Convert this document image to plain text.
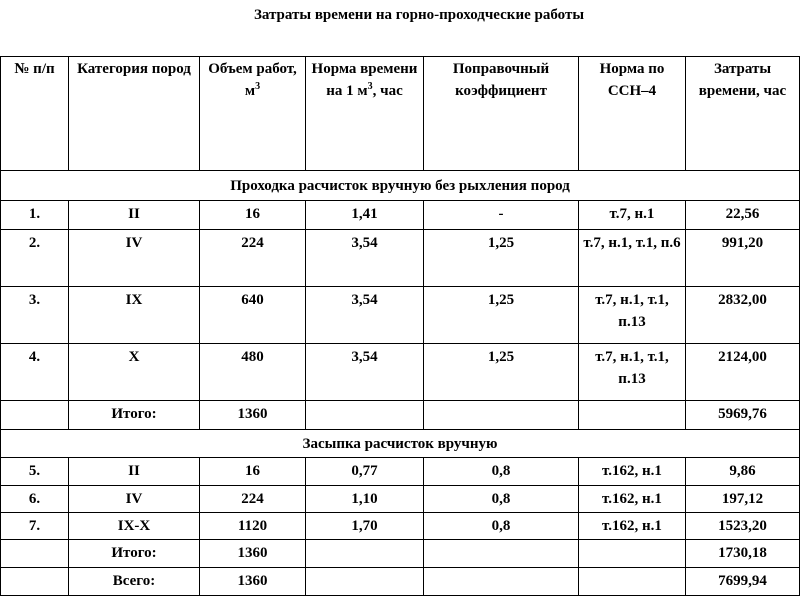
Затраты времени на горно-проходческие работы
№ п/п	Категория пород	Объем работ, $м^3$	Норма времени на 1 $м^3$, час	Поправочный коэффициент	Норма по ССН–4	Затраты времени, час
Проходка расчисток вручную без рыхления пород						
1.	II	16	1,41	-	т.7, н.1	22,56
2.	IV	224	3,54	1,25	т.7, н.1, т.1, п.6	991,20
3.	IX	640	3,54	1,25	т.7, н.1, т.1, п.13	2832,00
4.	X	480	3,54	1,25	т.7, н.1, т.1, п.13	2124,00
	Итого:	1360				5969,76
Засыпка расчисток вручную						
5.	II	16	0,77	0,8	т.162, н.1	9,86
6.	IV	224	1,10	0,8	т.162, н.1	197,12
7.	IX-X	1120	1,70	0,8	т.162, н.1	1523,20
	Итого:	1360				1730,18
	Всего:	1360				7699,94
